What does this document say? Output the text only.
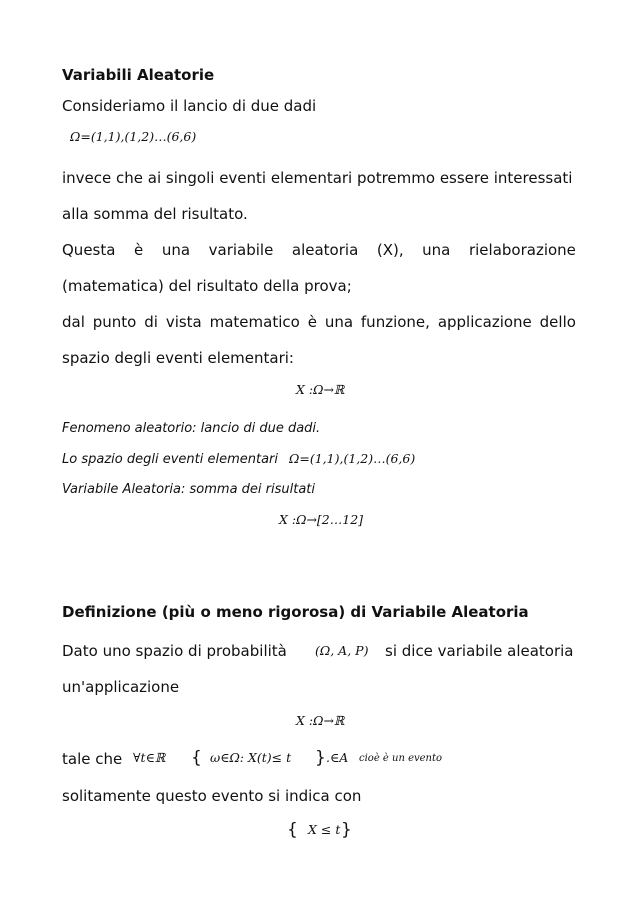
Variabili Aleatorie
Consideriamo il lancio di due dadi
Ω=(1,1),(1,2)…(6,6)
invece che ai singoli eventi elementari potremmo essere interessati
alla somma del risultato.
Questa è una variabile aleatoria (X), una rielaborazione
(matematica) del risultato della prova;
dal punto di vista matematico è una funzione, applicazione dello
spazio degli eventi elementari:
X :Ω→ℝ
Fenomeno aleatorio: lancio di due dadi.
Lo spazio degli eventi elementari Ω=(1,1),(1,2)…(6,6)
Variabile Aleatoria: somma dei risultati
X :Ω→[2…12]
Definizione (più o meno rigorosa) di Variabile Aleatoria
Dato uno spazio di probabilità (Ω, A, P) si dice variabile aleatoria
un'applicazione
X :Ω→ℝ
tale che ∀t∈ℝ { ω∈Ω: X(t)≤ t } .∈A cioè è un evento
solitamente questo evento si indica con
{ X ≤ t }
